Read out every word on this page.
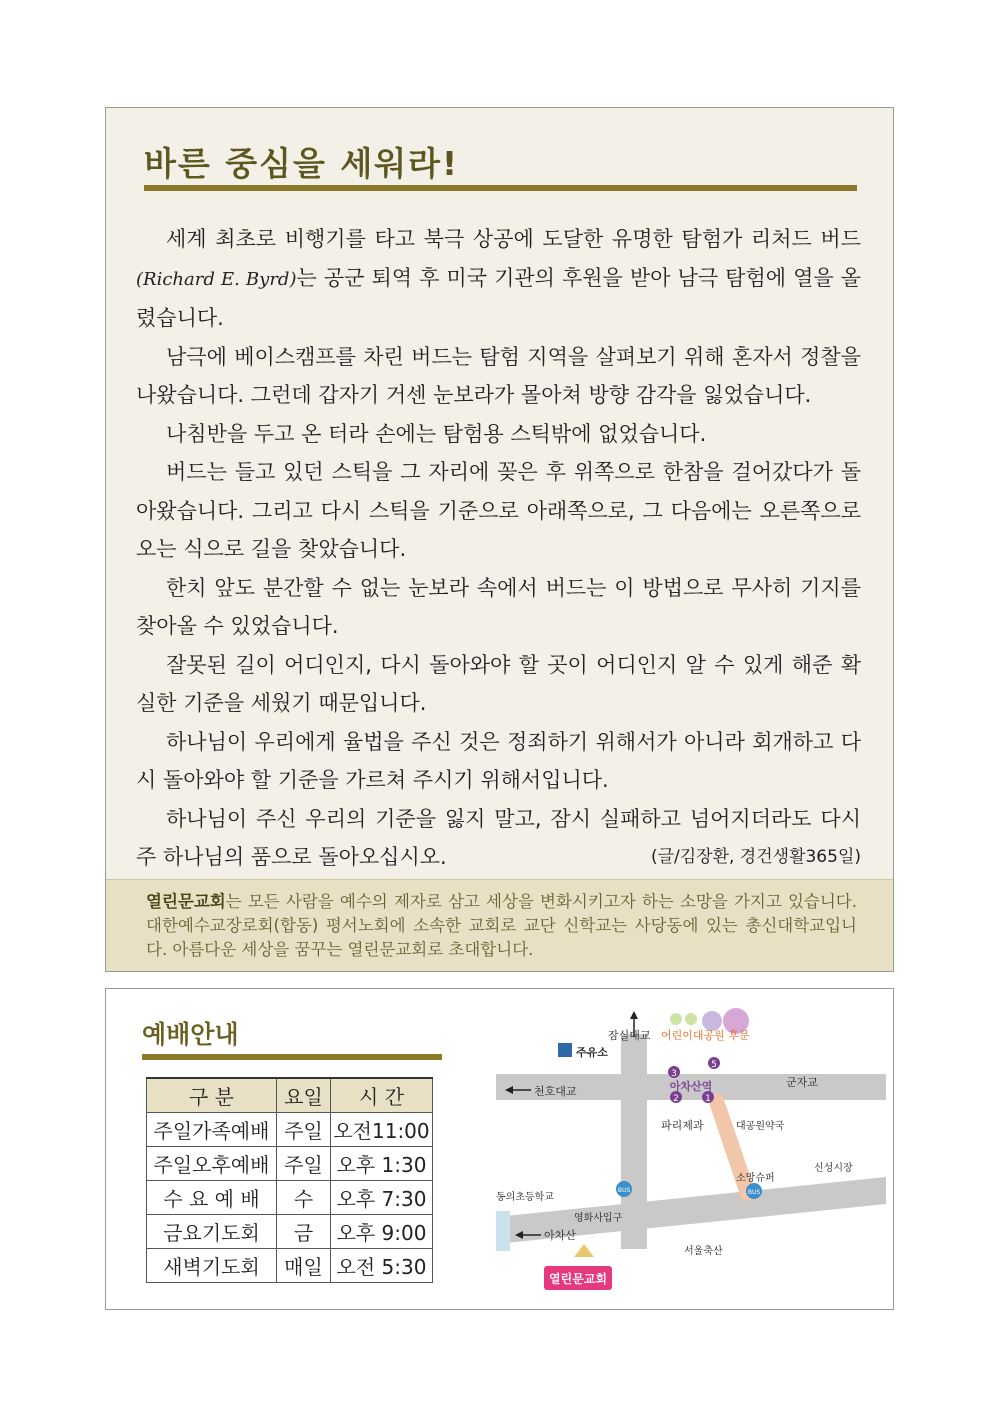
바른 중심을 세워라!

세계 최초로 비행기를 타고 북극 상공에 도달한 유명한 탐험가 리처드 버드(Richard E. Byrd)는 공군 퇴역 후 미국 기관의 후원을 받아 남극 탐험에 열을 올렸습니다.

남극에 베이스캠프를 차린 버드는 탐험 지역을 살펴보기 위해 혼자서 정찰을 나왔습니다. 그런데 갑자기 거센 눈보라가 몰아쳐 방향 감각을 잃었습니다.

나침반을 두고 온 터라 손에는 탐험용 스틱밖에 없었습니다.

버드는 들고 있던 스틱을 그 자리에 꽂은 후 위쪽으로 한참을 걸어갔다가 돌아왔습니다. 그리고 다시 스틱을 기준으로 아래쪽으로, 그 다음에는 오른쪽으로 오는 식으로 길을 찾았습니다.

한치 앞도 분간할 수 없는 눈보라 속에서 버드는 이 방법으로 무사히 기지를 찾아올 수 있었습니다.

잘못된 길이 어디인지, 다시 돌아와야 할 곳이 어디인지 알 수 있게 해준 확실한 기준을 세웠기 때문입니다.

하나님이 우리에게 율법을 주신 것은 정죄하기 위해서가 아니라 회개하고 다시 돌아와야 할 기준을 가르쳐 주시기 위해서입니다.

하나님이 주신 우리의 기준을 잃지 말고, 잠시 실패하고 넘어지더라도 다시 주 하나님의 품으로 돌아오십시오.	(글/김장환, 경건생활365일)

열린문교회는 모든 사람을 예수의 제자로 삼고 세상을 변화시키고자 하는 소망을 가지고 있습니다. 대한예수교장로회(합동) 평서노회에 소속한 교회로 교단 신학교는 사당동에 있는 총신대학교입니다. 아름다운 세상을 꿈꾸는 열린문교회로 초대합니다.
예배안내
구 분	요일	시 간
주일가족예배	주일	오전11:00
주일오후예배	주일	오후 1:30
수 요 예 배	수	오후 7:30
금요기도회	금	오후 9:00
새벽기도회	매일	오전 5:30
3
5
2	1
BUS	BUS
열린문교회
잠실대교 어린이대공원 후문
주유소
천호대교
군자교
아차산역
파리제과	대공원약국
동의초등학교
소망슈퍼
신성시장
영화사입구
아차산
서울축산
